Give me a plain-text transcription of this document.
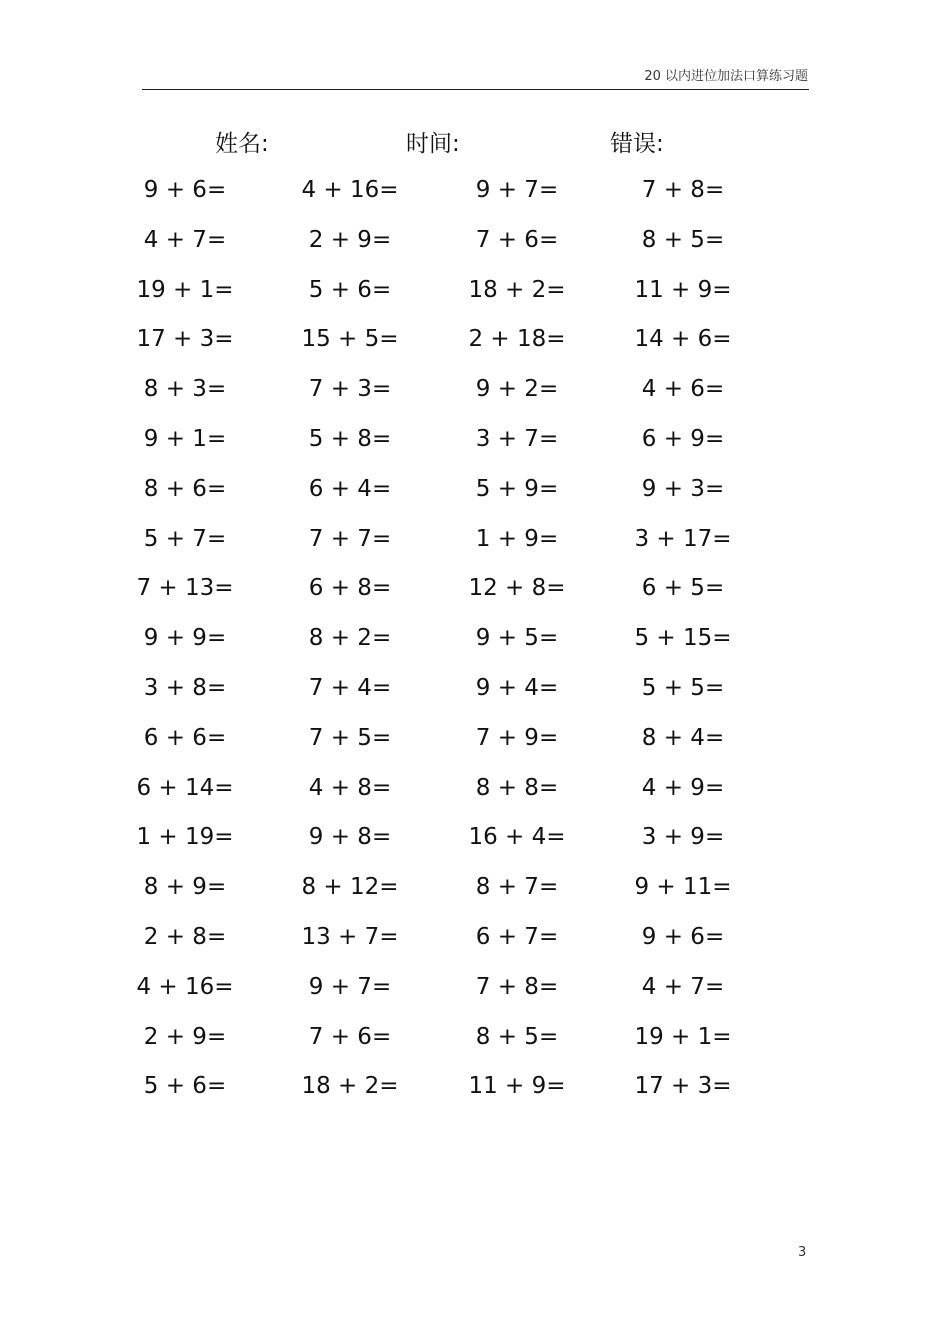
20 以内进位加法口算练习题
姓名:	时间:	错误:
9 + 6=	4 + 16=	9 + 7=	7 + 8=
4 + 7=	2 + 9=	7 + 6=	8 + 5=
19 + 1=	5 + 6=	18 + 2=	11 + 9=
17 + 3=	15 + 5=	2 + 18=	14 + 6=
8 + 3=	7 + 3=	9 + 2=	4 + 6=
9 + 1=	5 + 8=	3 + 7=	6 + 9=
8 + 6=	6 + 4=	5 + 9=	9 + 3=
5 + 7=	7 + 7=	1 + 9=	3 + 17=
7 + 13=	6 + 8=	12 + 8=	6 + 5=
9 + 9=	8 + 2=	9 + 5=	5 + 15=
3 + 8=	7 + 4=	9 + 4=	5 + 5=
6 + 6=	7 + 5=	7 + 9=	8 + 4=
6 + 14=	4 + 8=	8 + 8=	4 + 9=
1 + 19=	9 + 8=	16 + 4=	3 + 9=
8 + 9=	8 + 12=	8 + 7=	9 + 11=
2 + 8=	13 + 7=	6 + 7=	9 + 6=
4 + 16=	9 + 7=	7 + 8=	4 + 7=
2 + 9=	7 + 6=	8 + 5=	19 + 1=
5 + 6=	18 + 2=	11 + 9=	17 + 3=
3
